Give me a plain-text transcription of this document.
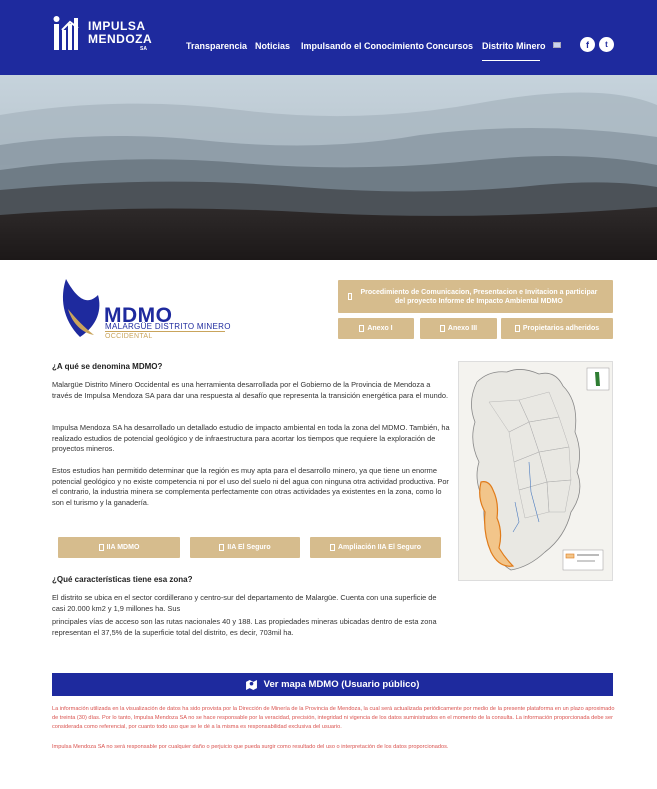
IMPULSA
MENDOZA
SA	Transparencia Noticias Impulsando el Conocimiento Concursos Distrito Minero	f	t
MDMO
MALARGÜE DISTRITO MINERO
OCCIDENTAL
Procedimiento de Comunicacion, Presentacion e Invitacion a participar del proyecto Informe de Impacto Ambiental MDMO
Anexo I	Anexo III	Propietarios adheridos
¿A qué se denomina MDMO?
Malargüe Distrito Minero Occidental es una herramienta desarrollada por el Gobierno de la Provincia de Mendoza a través de Impulsa Mendoza SA para dar una respuesta al desafío que representa la transición energética para el mundo.
Impulsa Mendoza SA ha desarrollado un detallado estudio de impacto ambiental en toda la zona del MDMO. También, ha realizado estudios de potencial geológico y de infraestructura para acortar los tiempos que requiere la exploración de proyectos mineros.
Estos estudios han permitido determinar que la región es muy apta para el desarrollo minero, ya que tiene un enorme potencial geológico y no existe competencia ni por el uso del suelo ni del agua con ninguna otra actividad productiva. Por el contrario, la industria minera se complementa perfectamente con otras actividades ya existentes en la zona, como lo son el turismo y la ganadería.
IIA MDMO	IIA El Seguro	Ampliación IIA El Seguro
¿Qué características tiene esa zona?
El distrito se ubica en el sector cordillerano y centro-sur del departamento de Malargüe. Cuenta con una superficie de casi 20.000 km2 y 1,9 millones ha. Sus
principales vías de acceso son las rutas nacionales 40 y 188. Las propiedades mineras ubicadas dentro de esta zona representan el 37,5% de la superficie total del distrito, es decir, 703mil ha.
Ver mapa MDMO (Usuario público)
La información utilizada en la visualización de datos ha sido provista por la Dirección de Minería de la Provincia de Mendoza, la cual será actualizada periódicamente por medio de la presente plataforma en un plazo aproximado de treinta (30) días. Por lo tanto, Impulsa Mendoza SA no se hace responsable por la veracidad, precisión, integridad ni vigencia de los datos suministrados en el momento de la consulta. La información proporcionada debe ser considerada como referencial, por cuanto todo uso que se le dé a la misma es responsabilidad exclusiva del usuario.
Impulsa Mendoza SA no será responsable por cualquier daño o perjuicio que pueda surgir como resultado del uso o interpretación de los datos proporcionados.
